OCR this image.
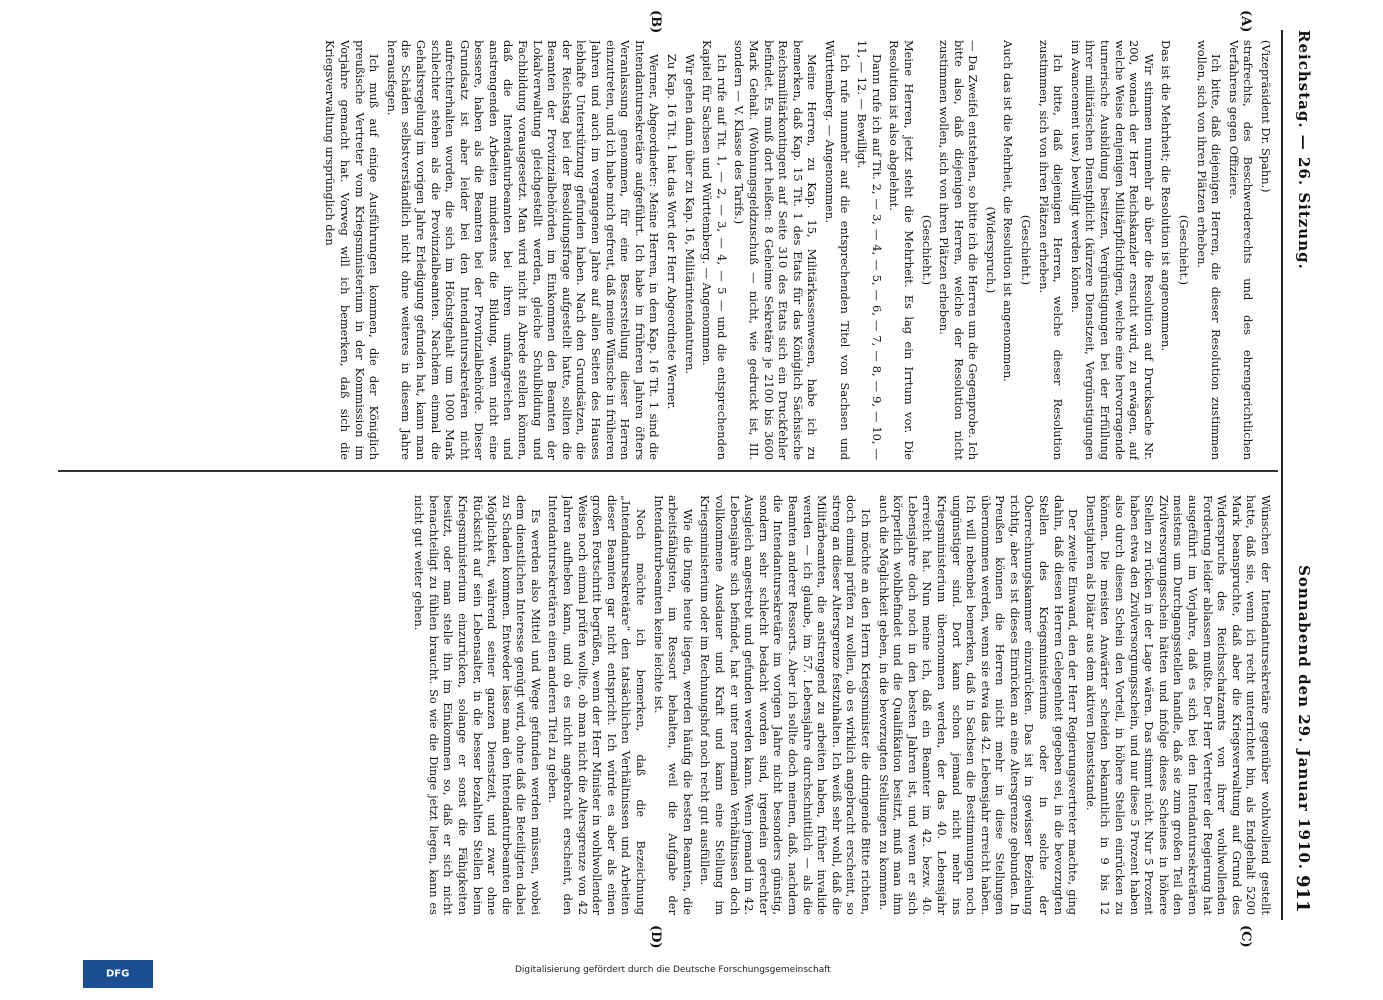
Reichstag. — 26. Sitzung.
Sonnabend den 29. Januar 1910.
911
(A)
(B)
(C)
(D)

(Vizepräsident Dr. Spahn.)

strafrechts, des Beschwerderechts und des ehrengerichtlichen Verfahrens gegen Offiziere.

Ich bitte, daß diejenigen Herren, die dieser Resolution zustimmen wollen, sich von ihren Plätzen erheben.

(Geschieht.)

Das ist die Mehrheit; die Resolution ist angenommen.

Wir stimmen nunmehr ab über die Resolution auf Drucksache Nr. 200, wonach der Herr Reichskanzler ersucht wird, zu erwägen, auf welche Weise denjenigen Militärpflichtigen, welche eine hervorragende turnerische Ausbildung besitzen, Vergünstigungen bei der Erfüllung ihrer militärischen Dienstpflicht (kürzere Dienstzeit, Vergünstigungen im Avancement usw.) bewilligt werden können.

Ich bitte, daß diejenigen Herren, welche dieser Resolution zustimmen, sich von ihren Plätzen erheben.

(Geschieht.)

Auch das ist die Mehrheit, die Resolution ist angenommen.

(Widerspruch.)

— Da Zweifel entstehen, so bitte ich die Herren um die Gegenprobe. Ich bitte also, daß diejenigen Herren, welche der Resolution nicht zustimmen wollen, sich von ihren Plätzen erheben.

(Geschieht.)

Meine Herren, jetzt steht die Mehrheit. Es lag ein Irrtum vor. Die Resolution ist also abgelehnt.

Dann rufe ich auf Tit. 2, — 3, — 4, — 5, — 6, — 7, — 8, — 9, — 10, — 11, — 12. — Bewilligt.

Ich rufe nunmehr auf die entsprechenden Titel von Sachsen und Württemberg. — Angenommen.

Meine Herren, zu Kap. 15, Militärkassenwesen, habe ich zu bemerken, daß Kap. 15 Tit. 1 des Etats für das Königlich Sächsische Reichsmilitärkontingent auf Seite 310 des Etats sich ein Druckfehler befindet. Es muß dort heißen: 8 Geheime Sekretäre je 2100 bis 3600 Mark Gehalt. (Wohnungsgeldzuschuß — nicht, wie gedruckt ist, III. sondern — V. Klasse des Tarifs.)

Ich rufe auf Tit. 1, — 2, — 3, — 4, — 5 — und die entsprechenden Kapitel für Sachsen und Württemberg. — Angenommen.

Wir gehen dann über zu Kap. 16, Militärintendanturen.

Zu Kap. 16 Tit. 1 hat das Wort der Herr Abgeordnete Werner.

Werner, Abgeordneter: Meine Herren, in dem Kap. 16 Tit. 1 sind die Intendantursekretäre aufgeführt. Ich habe in früheren Jahren öfters Veranlassung genommen, für eine Besserstellung dieser Herren einzutreten, und ich habe mich gefreut, daß meine Wünsche in früheren Jahren und auch im vergangenen Jahre auf allen Seiten des Hauses lebhafte Unterstützung gefunden haben. Nach den Grundsätzen, die der Reichstag bei der Besoldungsfrage aufgestellt hatte, sollten die Beamten der Provinzialbehörden im Einkommen den Beamten der Lokalverwaltung gleichgestellt werden, gleiche Schulbildung und Fachbildung vorausgesetzt. Man wird nicht in Abrede stellen können, daß die Intendanturbeamten bei ihren umfangreichen und anstrengenden Arbeiten mindestens die Bildung, wenn nicht eine bessere, haben als die Beamten bei der Provinzialbehörde. Dieser Grundsatz ist aber leider bei den Intendantursekretären nicht aufrechterhalten worden, die sich im Höchstgehalt um 1000 Mark schlechter stehen als die Provinzialbeamten. Nachdem einmal die Gehaltsregelung im vorigen Jahre Erledigung gefunden hat, kann man die Schäden selbstverständlich nicht ohne weiteres in diesem Jahre herausfegen.

Ich muß auf einige Ausführungen kommen, die der Königlich preußische Vertreter vom Kriegsministerium in der Kommission im Vorjahre gemacht hat. Vorweg will ich bemerken, daß sich die Kriegsverwaltung ursprünglich den

Wünschen der Intendantursekretäre gegenüber wohlwollend gestellt hatte, daß sie, wenn ich recht unterrichtet bin, als Endgehalt 5200 Mark beanspruchte, daß aber die Kriegsverwaltung auf Grund des Widerspruchs des Reichsschatzamts von ihrer wohlwollenden Forderung leider ablassen mußte. Der Herr Vertreter der Regierung hat ausgeführt im Vorjahre, daß es sich bei den Intendantursekretären meistens um Durchgangsstellen handle, daß sie zum großen Teil den Zivilversorgungsschein hätten und infolge dieses Scheines in höhere Stellen zu rücken in der Lage wären. Das stimmt nicht. Nur 5 Prozent haben etwa den Zivilversorgungsschein, und nur diese 5 Prozent haben also durch diesen Schein den Vorteil, in höhere Stellen einrücken zu können. Die meisten Anwärter scheiden bekanntlich in 9 bis 12 Dienstjahren als Diätar aus dem aktiven Dienststande.

Der zweite Einwand, den der Herr Regierungsvertreter machte, ging dahin, daß diesen Herren Gelegenheit gegeben sei, in die bevorzugten Stellen des Kriegsministeriums oder in solche der Oberrechnungskammer einzurücken. Das ist in gewisser Beziehung richtig, aber es ist dieses Einrücken an eine Altersgrenze gebunden. In Preußen können die Herren nicht mehr in diese Stellungen übernommen werden, wenn sie etwa das 42. Lebensjahr erreicht haben. Ich will nebenbei bemerken, daß in Sachsen die Bestimmungen noch ungünstiger sind. Dort kann schon jemand nicht mehr ins Kriegsministerium übernommen werden, der das 40. Lebensjahr erreicht hat. Nun meine ich, daß ein Beamter im 42. bezw. 40. Lebensjahre doch noch in den besten Jahren ist, und wenn er sich körperlich wohlbefindet und die Qualifikation besitzt, muß man ihm auch die Möglichkeit geben, in die bevorzugten Stellungen zu kommen.

Ich möchte an den Herrn Kriegsminister die dringende Bitte richten, doch einmal prüfen zu wollen, ob es wirklich angebracht erscheint, so streng an dieser Altersgrenze festzuhalten. Ich weiß sehr wohl, daß die Militärbeamten, die anstrengend zu arbeiten haben, früher invalide werden — ich glaube, im 57. Lebensjahre durchschnittlich — als die Beamten anderer Ressorts. Aber ich sollte doch meinen, daß, nachdem die Intendantursekretäre im vorigen Jahre nicht besonders günstig, sondern sehr schlecht bedacht worden sind, irgendein gerechter Ausgleich angestrebt und gefunden werden kann. Wenn jemand im 42. Lebensjahre sich befindet, hat er unter normalen Verhältnissen doch vollkommene Ausdauer und Kraft und kann eine Stellung im Kriegsministerium oder im Rechnungshof noch recht gut ausfüllen.

Wie die Dinge heute liegen, werden häufig die besten Beamten, die arbeitsfähigsten, im Ressort behalten, weil die Aufgabe der Intendanturbeamten keine leichte ist.

Noch möchte ich bemerken, daß die Bezeichnung „Intendantursekretäre“ den tatsächlichen Verhältnissen und Arbeiten dieser Beamten gar nicht entspricht. Ich würde es aber als einen großen Fortschritt begrüßen, wenn der Herr Minister in wohlwollender Weise noch einmal prüfen wollte, ob man nicht die Altersgrenze von 42 Jahren aufheben kann, und ob es nicht angebracht erscheint, den Intendantursekretären einen anderen Titel zu geben.

Es werden also Mittel und Wege gefunden werden müssen, wobei dem dienstlichen Interesse genügt wird, ohne daß die Beteiligten dabei zu Schaden kommen. Entweder lasse man den Intendanturbeamten die Möglichkeit, während seiner ganzen Dienstzeit, und zwar ohne Rücksicht auf sein Lebensalter, in die besser bezahlten Stellen beim Kriegsministerium einzurücken, solange er sonst die Fähigkeiten besitzt, oder man stelle ihn im Einkommen so, daß er sich nicht benachteiligt zu fühlen braucht. So wie die Dinge jetzt liegen, kann es nicht gut weiter gehen.

Digitalisierung gefördert durch die Deutsche Forschungsgemeinschaft
DFG
